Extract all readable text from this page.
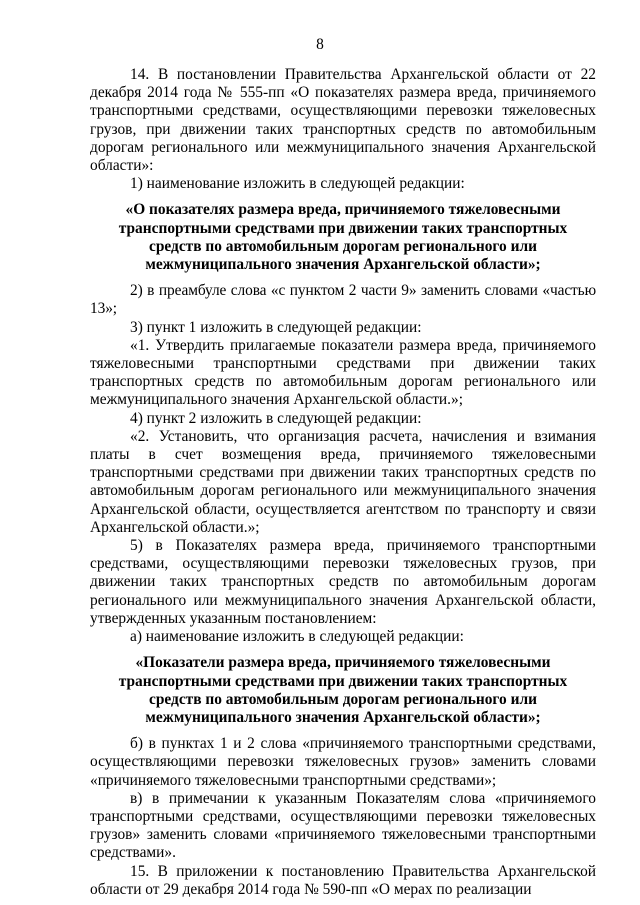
8

14. В постановлении Правительства Архангельской области от 22 декабря 2014 года № 555-пп «О показателях размера вреда, причиняемого транспортными средствами, осуществляющими перевозки тяжеловесных грузов, при движении таких транспортных средств по автомобильным дорогам регионального или межмуниципального значения Архангельской области»:

1) наименование изложить в следующей редакции:

«О показателях размера вреда, причиняемого тяжеловесными транспортными средствами при движении таких транспортных средств по автомобильным дорогам регионального или межмуниципального значения Архангельской области»;

2) в преамбуле слова «с пунктом 2 части 9» заменить словами «частью 13»;

3) пункт 1 изложить в следующей редакции:

«1. Утвердить прилагаемые показатели размера вреда, причиняемого тяжеловесными транспортными средствами при движении таких транспортных средств по автомобильным дорогам регионального или межмуниципального значения Архангельской области.»;

4) пункт 2 изложить в следующей редакции:

«2. Установить, что организация расчета, начисления и взимания платы в счет возмещения вреда, причиняемого тяжеловесными транспортными средствами при движении таких транспортных средств по автомобильным дорогам регионального или межмуниципального значения Архангельской области, осуществляется агентством по транспорту и связи Архангельской области.»;

5) в Показателях размера вреда, причиняемого транспортными средствами, осуществляющими перевозки тяжеловесных грузов, при движении таких транспортных средств по автомобильным дорогам регионального или межмуниципального значения Архангельской области, утвержденных указанным постановлением:

а) наименование изложить в следующей редакции:

«Показатели размера вреда, причиняемого тяжеловесными транспортными средствами при движении таких транспортных средств по автомобильным дорогам регионального или межмуниципального значения Архангельской области»;

б) в пунктах 1 и 2 слова «причиняемого транспортными средствами, осуществляющими перевозки тяжеловесных грузов» заменить словами «причиняемого тяжеловесными транспортными средствами»;

в) в примечании к указанным Показателям слова «причиняемого транспортными средствами, осуществляющими перевозки тяжеловесных грузов» заменить словами «причиняемого тяжеловесными транспортными средствами».

15. В приложении к постановлению Правительства Архангельской области от 29 декабря 2014 года № 590-пп «О мерах по реализации
